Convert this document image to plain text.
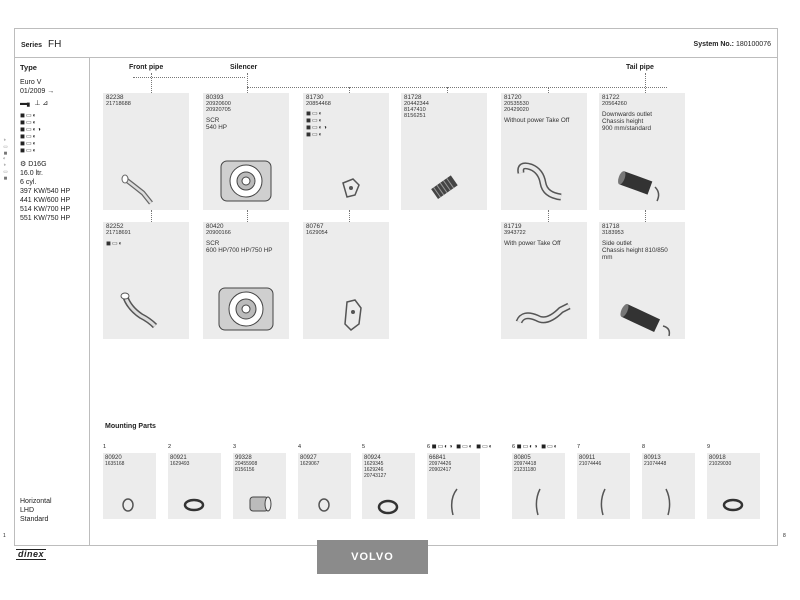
Series FH	System No.: 180100076
Type

Euro V
01/2009 →
▬▖ ⊥ ⊿
◼▭◐
◼▭◐
◼▭◐◑
◼▭◐
◼▭◐
◼▭◐
⚙ D16G
16.0 ltr.
6 cyl.
397 KW/540 HP
441 KW/600 HP
514 KW/700 HP
551 KW/750 HP
Horizontal
LHD
Standard
Front pipe	Silencer	Tail pipe
Mounting Parts
82238
21718688
80393
20920600
20920705
SCR
540 HP
81730
20854468
◼▭◐
◼▭◐
◼▭◐◑
◼▭◐
81728
20442344
8147410
8156251
81720
20535530
20429020
Without power Take Off
81722
20564260
Downwards outlet
Chassis height
900 mm/standard
82252
21718691
◼▭◐
80420
20900166
SCR
600 HP/700 HP/750 HP
80767
1629054
81719
3943722
With power Take Off
81718
3183953
Side outlet
Chassis height 810/850
mm
1	2	3	4	5	6 ◼▭◐◑ ◼▭◐ ◼▭◐	6 ◼▭◐◑ ◼▭◐	7	8	9
80920
1635168
80921
1629493
99328
20455908
8156156
80927
1629067
80924
1629345
1629246
20743127
66841
20974426
20902417
80805
20974418
21231180
80911
21074446
80913
21074448
80918
21029030
◼ ▭ ◐ ◑ ◼ ▭ ◐
1	8
dinex	VOLVO
